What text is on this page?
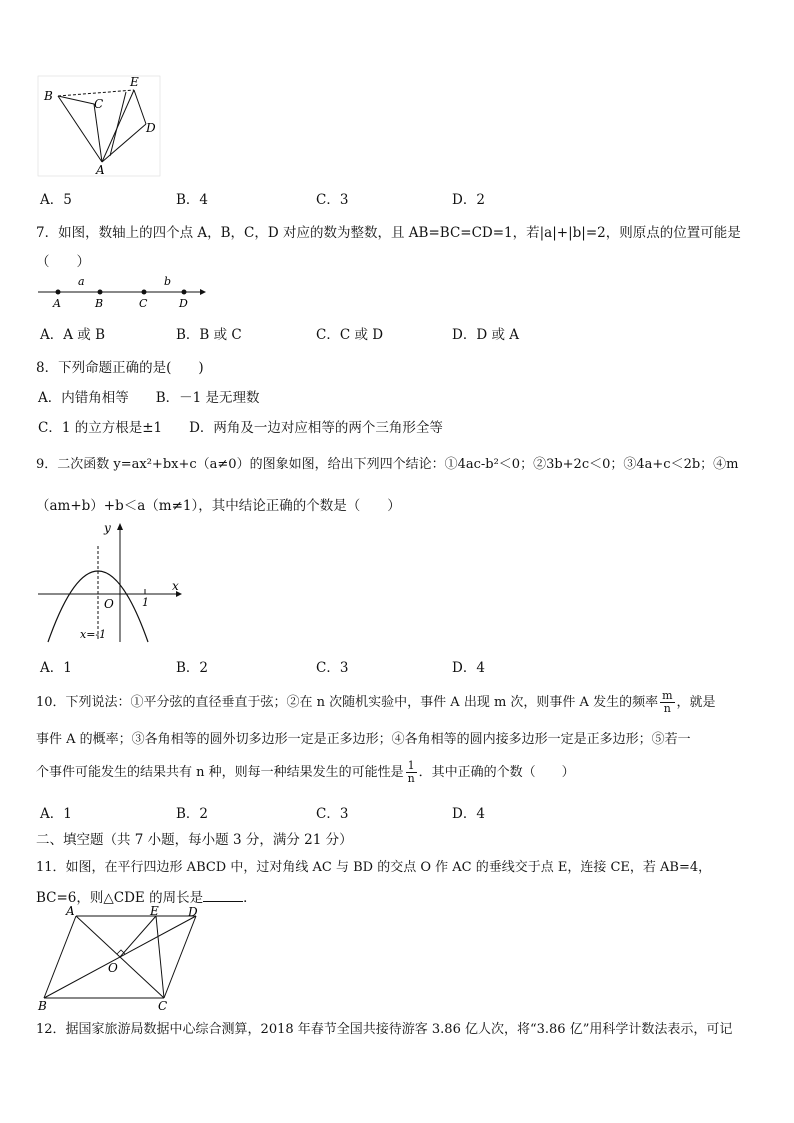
B
C
E
D
A
A．5	B．4	C．3	D．2
7．如图，数轴上的四个点 A，B，C，D 对应的数为整数，且 AB=BC=CD=1，若|a|+|b|=2，则原点的位置可能是
（　　）
a	b
A	B	C	D
A．A 或 B	B．B 或 C	C．C 或 D	D．D 或 A
8．下列命题正确的是(　　)
A．内错角相等　　B．－1 是无理数
C．1 的立方根是±1　　D．两角及一边对应相等的两个三角形全等
9．二次函数 y=ax²+bx+c（a≠0）的图象如图，给出下列四个结论：①4ac-b²＜0；②3b+2c＜0；③4a+c＜2b；④m
（am+b）+b＜a（m≠1），其中结论正确的个数是（　　）
y
x
O	1
x=-1
A．1	B．2	C．3	D．4
10．下列说法：①平分弦的直径垂直于弦；②在 n 次随机实验中，事件 A 出现 m 次，则事件 A 发生的频率 $\frac{m}{n}$ ，就是
事件 A 的概率；③各角相等的圆外切多边形一定是正多边形；④各角相等的圆内接多边形一定是正多边形；⑤若一
个事件可能发生的结果共有 n 种，则每一种结果发生的可能性是 $\frac{1}{n}$ ．其中正确的个数（　　）
A．1	B．2	C．3	D．4
二、填空题（共 7 小题，每小题 3 分，满分 21 分）
11．如图，在平行四边形 ABCD 中，过对角线 AC 与 BD 的交点 O 作 AC 的垂线交于点 E，连接 CE，若 AB=4，
BC=6，则△CDE 的周长是	．
A	E D
O
B	C
12．据国家旅游局数据中心综合测算，2018 年春节全国共接待游客 3.86 亿人次，将“3.86 亿”用科学计数法表示，可记
